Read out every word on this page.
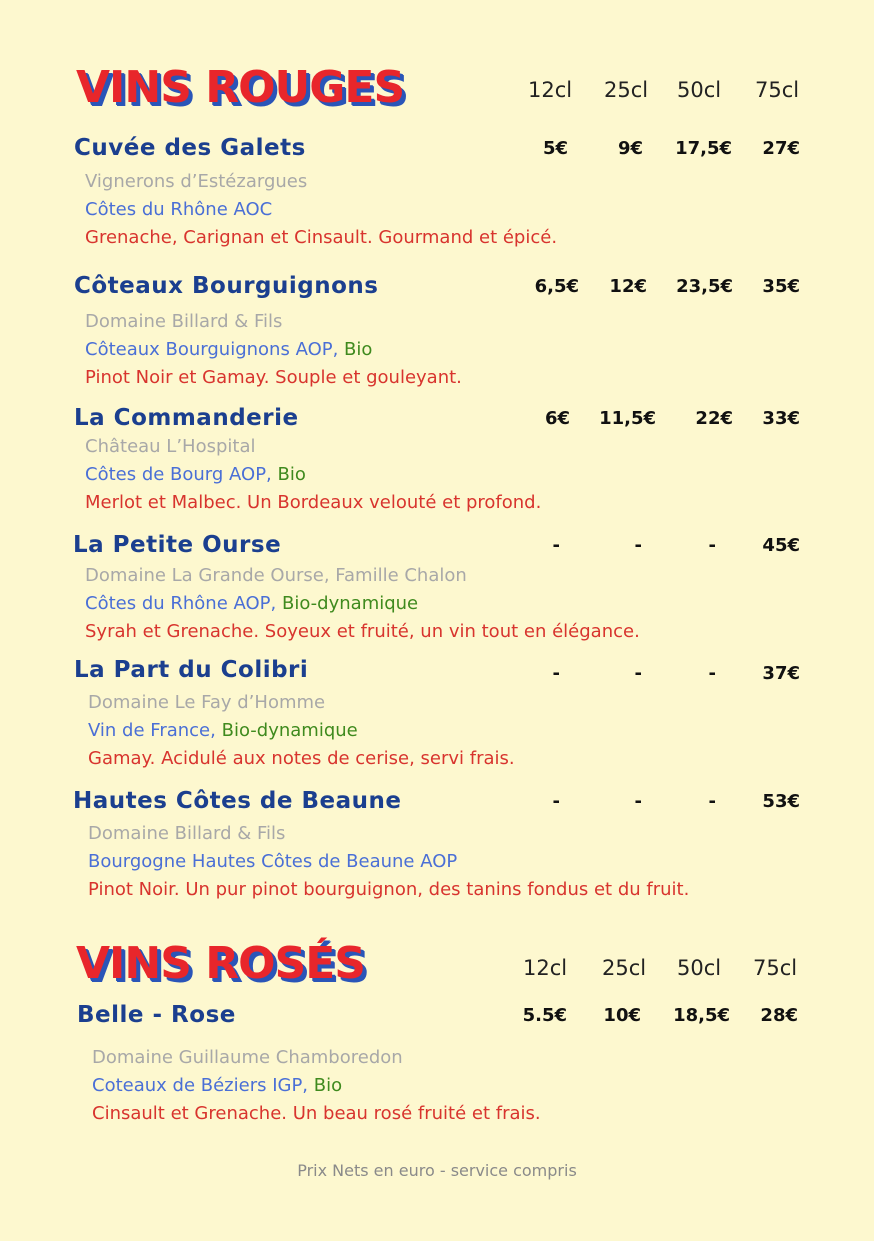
VINS ROUGES	12cl 25cl 50cl 75cl
Cuvée des Galets	5€	9€	17,5€	27€
Vignerons d’Estézargues
Côtes du Rhône AOC
Grenache, Carignan et Cinsault. Gourmand et épicé.
Côteaux Bourguignons	6,5€	12€	23,5€	35€
Domaine Billard & Fils
Côteaux Bourguignons AOP, Bio
Pinot Noir et Gamay. Souple et gouleyant.
La Commanderie	6€	11,5€	22€	33€
Château L’Hospital
Côtes de Bourg AOP, Bio
Merlot et Malbec. Un Bordeaux velouté et profond.
La Petite Ourse	-	-	-	45€
Domaine La Grande Ourse, Famille Chalon
Côtes du Rhône AOP, Bio-dynamique
Syrah et Grenache. Soyeux et fruité, un vin tout en élégance.
La Part du Colibri	-	-	-	37€
Domaine Le Fay d’Homme
Vin de France, Bio-dynamique
Gamay. Acidulé aux notes de cerise, servi frais.
Hautes Côtes de Beaune	-	-	-	53€
Domaine Billard & Fils
Bourgogne Hautes Côtes de Beaune AOP
Pinot Noir. Un pur pinot bourguignon, des tanins fondus et du fruit.
VINS ROSÉS	12cl 25cl 50cl 75cl
Belle - Rose	5.5€	10€	18,5€	28€
Domaine Guillaume Chamboredon
Coteaux de Béziers IGP, Bio
Cinsault et Grenache. Un beau rosé fruité et frais.
Prix Nets en euro - service compris
